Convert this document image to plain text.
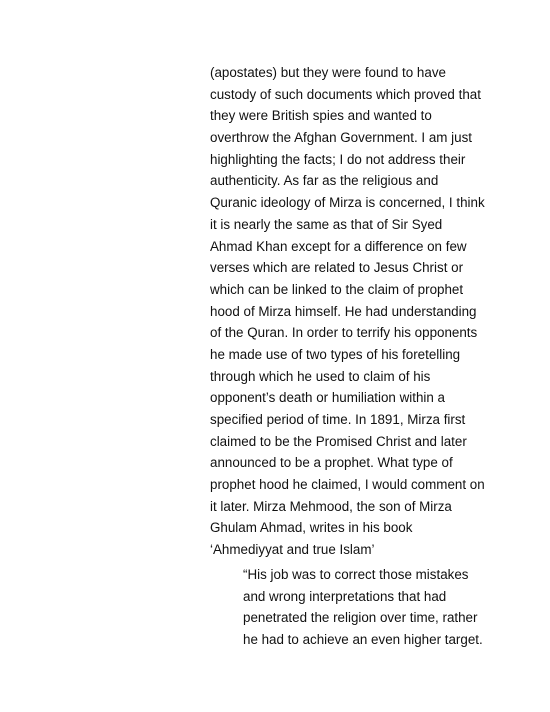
(apostates) but they were found to have
custody of such documents which proved that
they were British spies and wanted to
overthrow the Afghan Government. I am just
highlighting the facts; I do not address their
authenticity. As far as the religious and
Quranic ideology of Mirza is concerned, I think
it is nearly the same as that of Sir Syed
Ahmad Khan except for a difference on few
verses which are related to Jesus Christ or
which can be linked to the claim of prophet
hood of Mirza himself. He had understanding
of the Quran. In order to terrify his opponents
he made use of two types of his foretelling
through which he used to claim of his
opponent’s death or humiliation within a
specified period of time. In 1891, Mirza first
claimed to be the Promised Christ and later
announced to be a prophet. What type of
prophet hood he claimed, I would comment on
it later. Mirza Mehmood, the son of Mirza
Ghulam Ahmad, writes in his book
‘Ahmediyyat and true Islam’
“His job was to correct those mistakes
and wrong interpretations that had
penetrated the religion over time, rather
he had to achieve an even higher target.
